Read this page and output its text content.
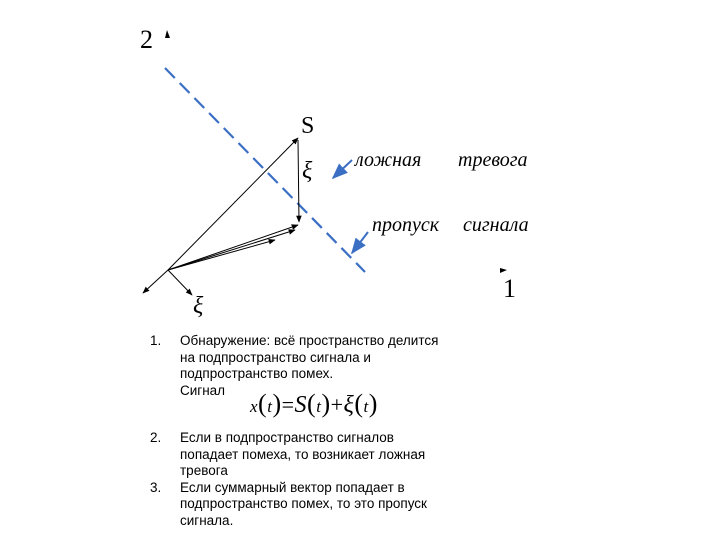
2
1
S
ξ
ξ
ложная тревога
пропуск сигнала
1. Обнаружение: всё пространство делится
на подпространство сигнала и
подпространство помех.
Сигнал
2. Если в подпространство сигналов
попадает помеха, то возникает ложная
тревога
3. Если суммарный вектор попадает в
подпространство помех, то это пропуск
сигнала.
x(t)=S(t)+ξ(t)
